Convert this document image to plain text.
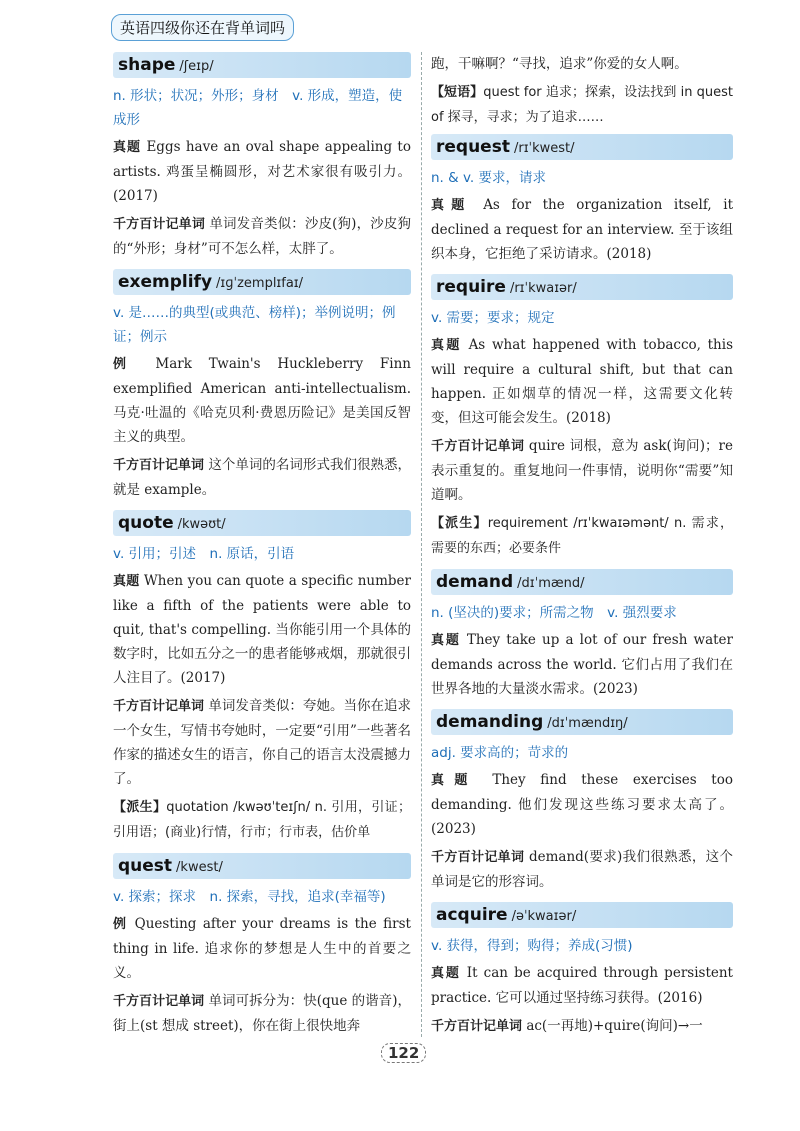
英语四级你还在背单词吗
shape /ʃeɪp/
n. 形状；状况；外形；身材　v. 形成，塑造，使成形

真题 Eggs have an oval shape appealing to artists. 鸡蛋呈椭圆形，对艺术家很有吸引力。(2017)

千方百计记单词 单词发音类似：沙皮(狗)，沙皮狗的“外形；身材”可不怎么样，太胖了。

exemplify /ɪɡˈzemplɪfaɪ/
v. 是……的典型(或典范、榜样)；举例说明；例证；例示

例 Mark Twain's Huckleberry Finn exemplified American anti-intellectualism. 马克·吐温的《哈克贝利·费恩历险记》是美国反智主义的典型。

千方百计记单词 这个单词的名词形式我们很熟悉，就是 example。

quote /kwəʊt/
v. 引用；引述　n. 原话，引语

真题 When you can quote a specific number like a fifth of the patients were able to quit, that's compelling. 当你能引用一个具体的数字时，比如五分之一的患者能够戒烟，那就很引人注目了。(2017)

千方百计记单词 单词发音类似：夸她。当你在追求一个女生，写情书夸她时，一定要“引用”一些著名作家的描述女生的语言，你自己的语言太没震撼力了。

【派生】quotation /kwəʊˈteɪʃn/ n. 引用，引证；引用语；(商业)行情，行市；行市表，估价单

quest /kwest/
v. 探索；探求　n. 探索，寻找，追求(幸福等)

例 Questing after your dreams is the first thing in life. 追求你的梦想是人生中的首要之义。

千方百计记单词 单词可拆分为：快(que 的谐音)，街上(st 想成 street)，你在街上很快地奔

跑，干嘛啊？“寻找，追求”你爱的女人啊。

【短语】quest for 追求；探索，设法找到 in quest of 探寻，寻求；为了追求……

request /rɪˈkwest/
n. & v. 要求，请求

真题 As for the organization itself, it declined a request for an interview. 至于该组织本身，它拒绝了采访请求。(2018)

require /rɪˈkwaɪər/
v. 需要；要求；规定

真题 As what happened with tobacco, this will require a cultural shift, but that can happen. 正如烟草的情况一样，这需要文化转变，但这可能会发生。(2018)

千方百计记单词 quire 词根，意为 ask(询问)；re 表示重复的。重复地问一件事情，说明你“需要”知道啊。

【派生】requirement /rɪˈkwaɪəmənt/ n. 需求，需要的东西；必要条件

demand /dɪˈmænd/
n. (坚决的)要求；所需之物　v. 强烈要求

真题 They take up a lot of our fresh water demands across the world. 它们占用了我们在世界各地的大量淡水需求。(2023)

demanding /dɪˈmændɪŋ/
adj. 要求高的；苛求的

真题 They find these exercises too demanding. 他们发现这些练习要求太高了。(2023)

千方百计记单词 demand(要求)我们很熟悉，这个单词是它的形容词。

acquire /əˈkwaɪər/
v. 获得，得到；购得；养成(习惯)

真题 It can be acquired through persistent practice. 它可以通过坚持练习获得。(2016)

千方百计记单词 ac(一再地)+quire(询问)→一

122
